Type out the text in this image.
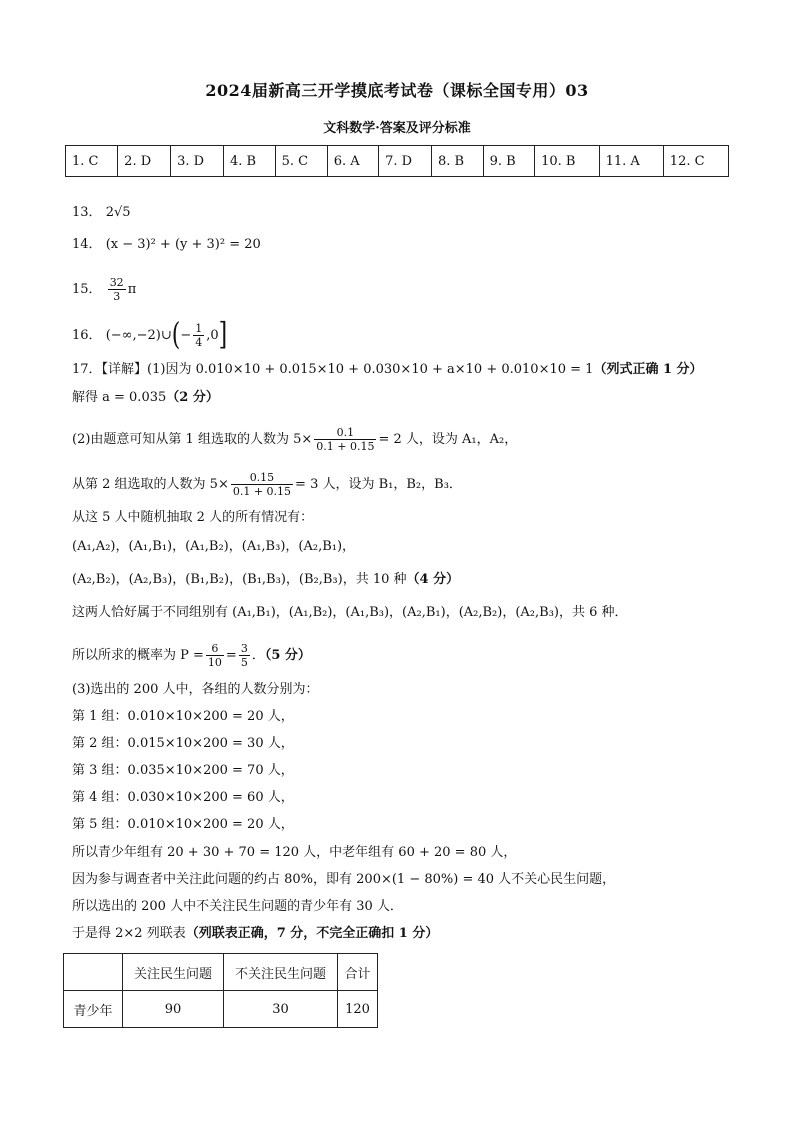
2024届新高三开学摸底考试卷（课标全国专用）03
文科数学·答案及评分标准
1. C	2. D	3. D	4. B	5. C	6. A	7. D	8. B	9. B	10. B	11. A	12. C
13． 2√5
14． (x − 3)² + (y + 3)² = 20
15． $\frac{32}{3}$ π
16． (−∞,−2)∪(− $\frac{1}{4} ,0$]
17．【详解】(1)因为 0.010×10 + 0.015×10 + 0.030×10 + a×10 + 0.010×10 = 1（列式正确 1 分）
解得 a = 0.035（2 分）
(2)由题意可知从第 1 组选取的人数为 $5\times \frac{0.1}{0.1 + 0.15} = 2$ 人，设为 A₁，A₂，
从第 2 组选取的人数为 $5\times \frac{0.15}{0.1 + 0.15} = 3$ 人，设为 B₁，B₂，B₃．
从这 5 人中随机抽取 2 人的所有情况有：
(A₁,A₂)，(A₁,B₁)，(A₁,B₂)，(A₁,B₃)，(A₂,B₁)，
(A₂,B₂)，(A₂,B₃)，(B₁,B₂)，(B₁,B₃)，(B₂,B₃)，共 10 种（4 分）
这两人恰好属于不同组别有 (A₁,B₁)，(A₁,B₂)，(A₁,B₃)，(A₂,B₁)，(A₂,B₂)，(A₂,B₃)，共 6 种．
所以所求的概率为 $P = \frac{6}{10} = \frac{3}{5}$ ．（5 分）
(3)选出的 200 人中，各组的人数分别为：
第 1 组：0.010×10×200 = 20 人，
第 2 组：0.015×10×200 = 30 人，
第 3 组：0.035×10×200 = 70 人，
第 4 组：0.030×10×200 = 60 人，
第 5 组：0.010×10×200 = 20 人，
所以青少年组有 20 + 30 + 70 = 120 人，中老年组有 60 + 20 = 80 人，
因为参与调查者中关注此问题的约占 80%，即有 200×(1 − 80%) = 40 人不关心民生问题，
所以选出的 200 人中不关注民生问题的青少年有 30 人．
于是得 2×2 列联表（列联表正确，7 分，不完全正确扣 1 分）
	关注民生问题	不关注民生问题	合计
青少年	90	30	120
